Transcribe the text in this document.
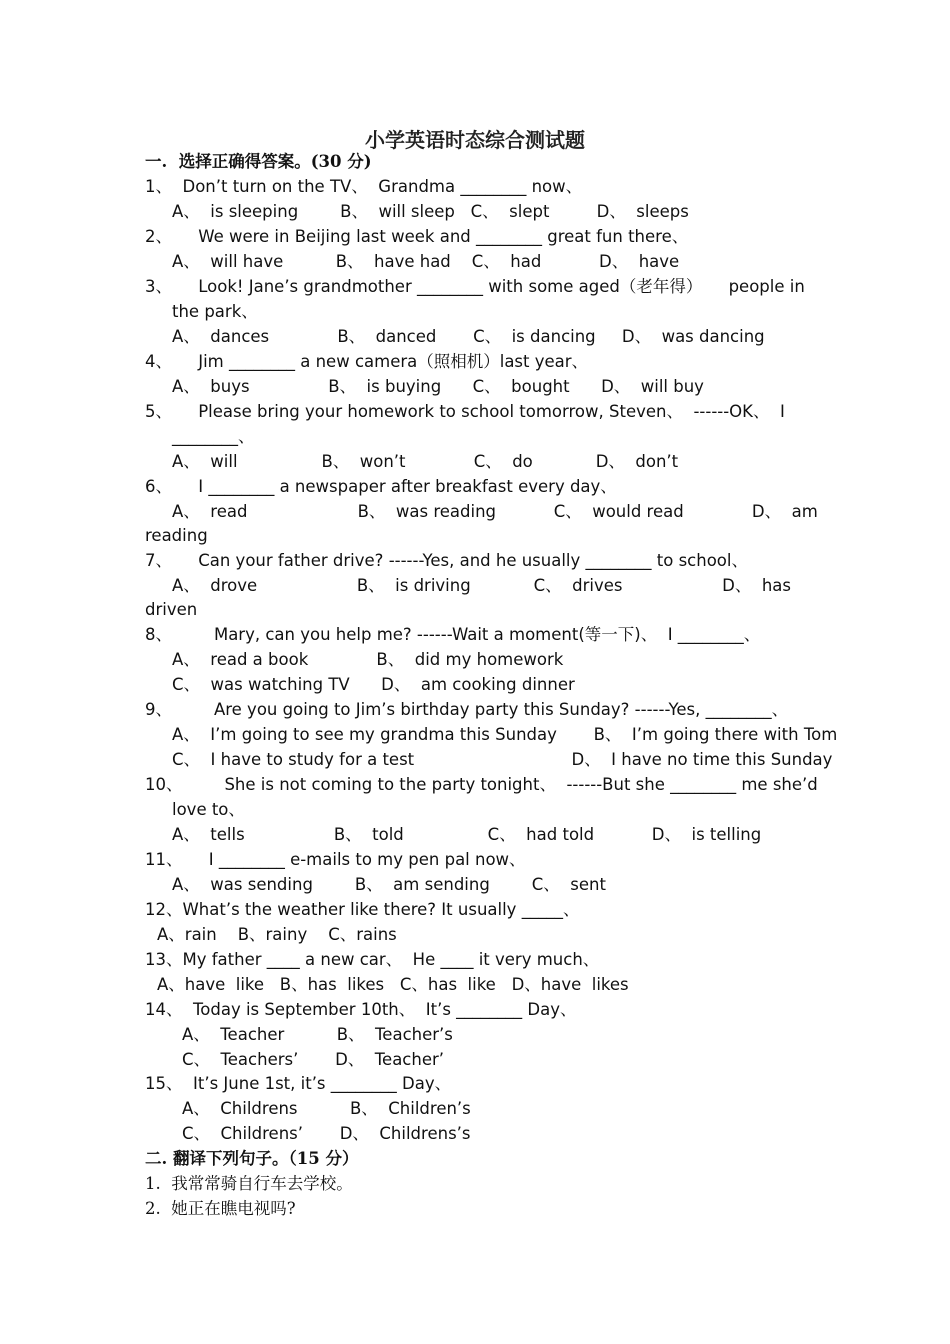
小学英语时态综合测试题
一.  选择正确得答案。(30 分)
1、  Don’t turn on the TV、  Grandma ________ now、
A、  is sleeping        B、  will sleep   C、  slept         D、  sleeps
2、     We were in Beijing last week and ________ great fun there、
A、  will have          B、  have had    C、  had           D、  have
3、     Look! Jane’s grandmother ________ with some aged（老年得）     people in
the park、
A、  dances             B、  danced       C、  is dancing     D、  was dancing
4、     Jim ________ a new camera（照相机）last year、
A、  buys               B、  is buying      C、  bought      D、  will buy
5、     Please bring your homework to school tomorrow, Steven、  ------OK、  I
________、
A、  will                B、  won’t             C、  do            D、  don’t
6、     I ________ a newspaper after breakfast every day、
A、  read                     B、  was reading           C、  would read             D、  am
reading
7、     Can your father drive? ------Yes, and he usually ________ to school、
A、  drove                   B、  is driving            C、  drives                   D、  has
driven
8、        Mary, can you help me? ------Wait a moment(等一下)、  I ________、
A、  read a book             B、  did my homework
C、  was watching TV      D、  am cooking dinner
9、        Are you going to Jim’s birthday party this Sunday? ------Yes, ________、
A、  I’m going to see my grandma this Sunday       B、  I’m going there with Tom
C、  I have to study for a test                              D、  I have no time this Sunday
10、        She is not coming to the party tonight、  ------But she ________ me she’d
love to、
A、  tells                 B、  told                C、  had told           D、  is telling
11、     I ________ e-mails to my pen pal now、
A、  was sending        B、  am sending        C、  sent
12、What’s the weather like there? It usually _____、
A、rain    B、rainy    C、rains
13、My father ____ a new car、  He ____ it very much、
A、have  like   B、has  likes   C、has  like   D、have  likes
14、  Today is September 10th、  It’s ________ Day、
A、  Teacher          B、  Teacher’s
C、  Teachers’       D、  Teacher’
15、  It’s June 1st, it’s ________ Day、
A、  Childrens          B、  Children’s
C、  Childrens’       D、  Childrens’s
二. 翻译下列句子。（15 分）
1.  我常常骑自行车去学校。
2.  她正在瞧电视吗?
